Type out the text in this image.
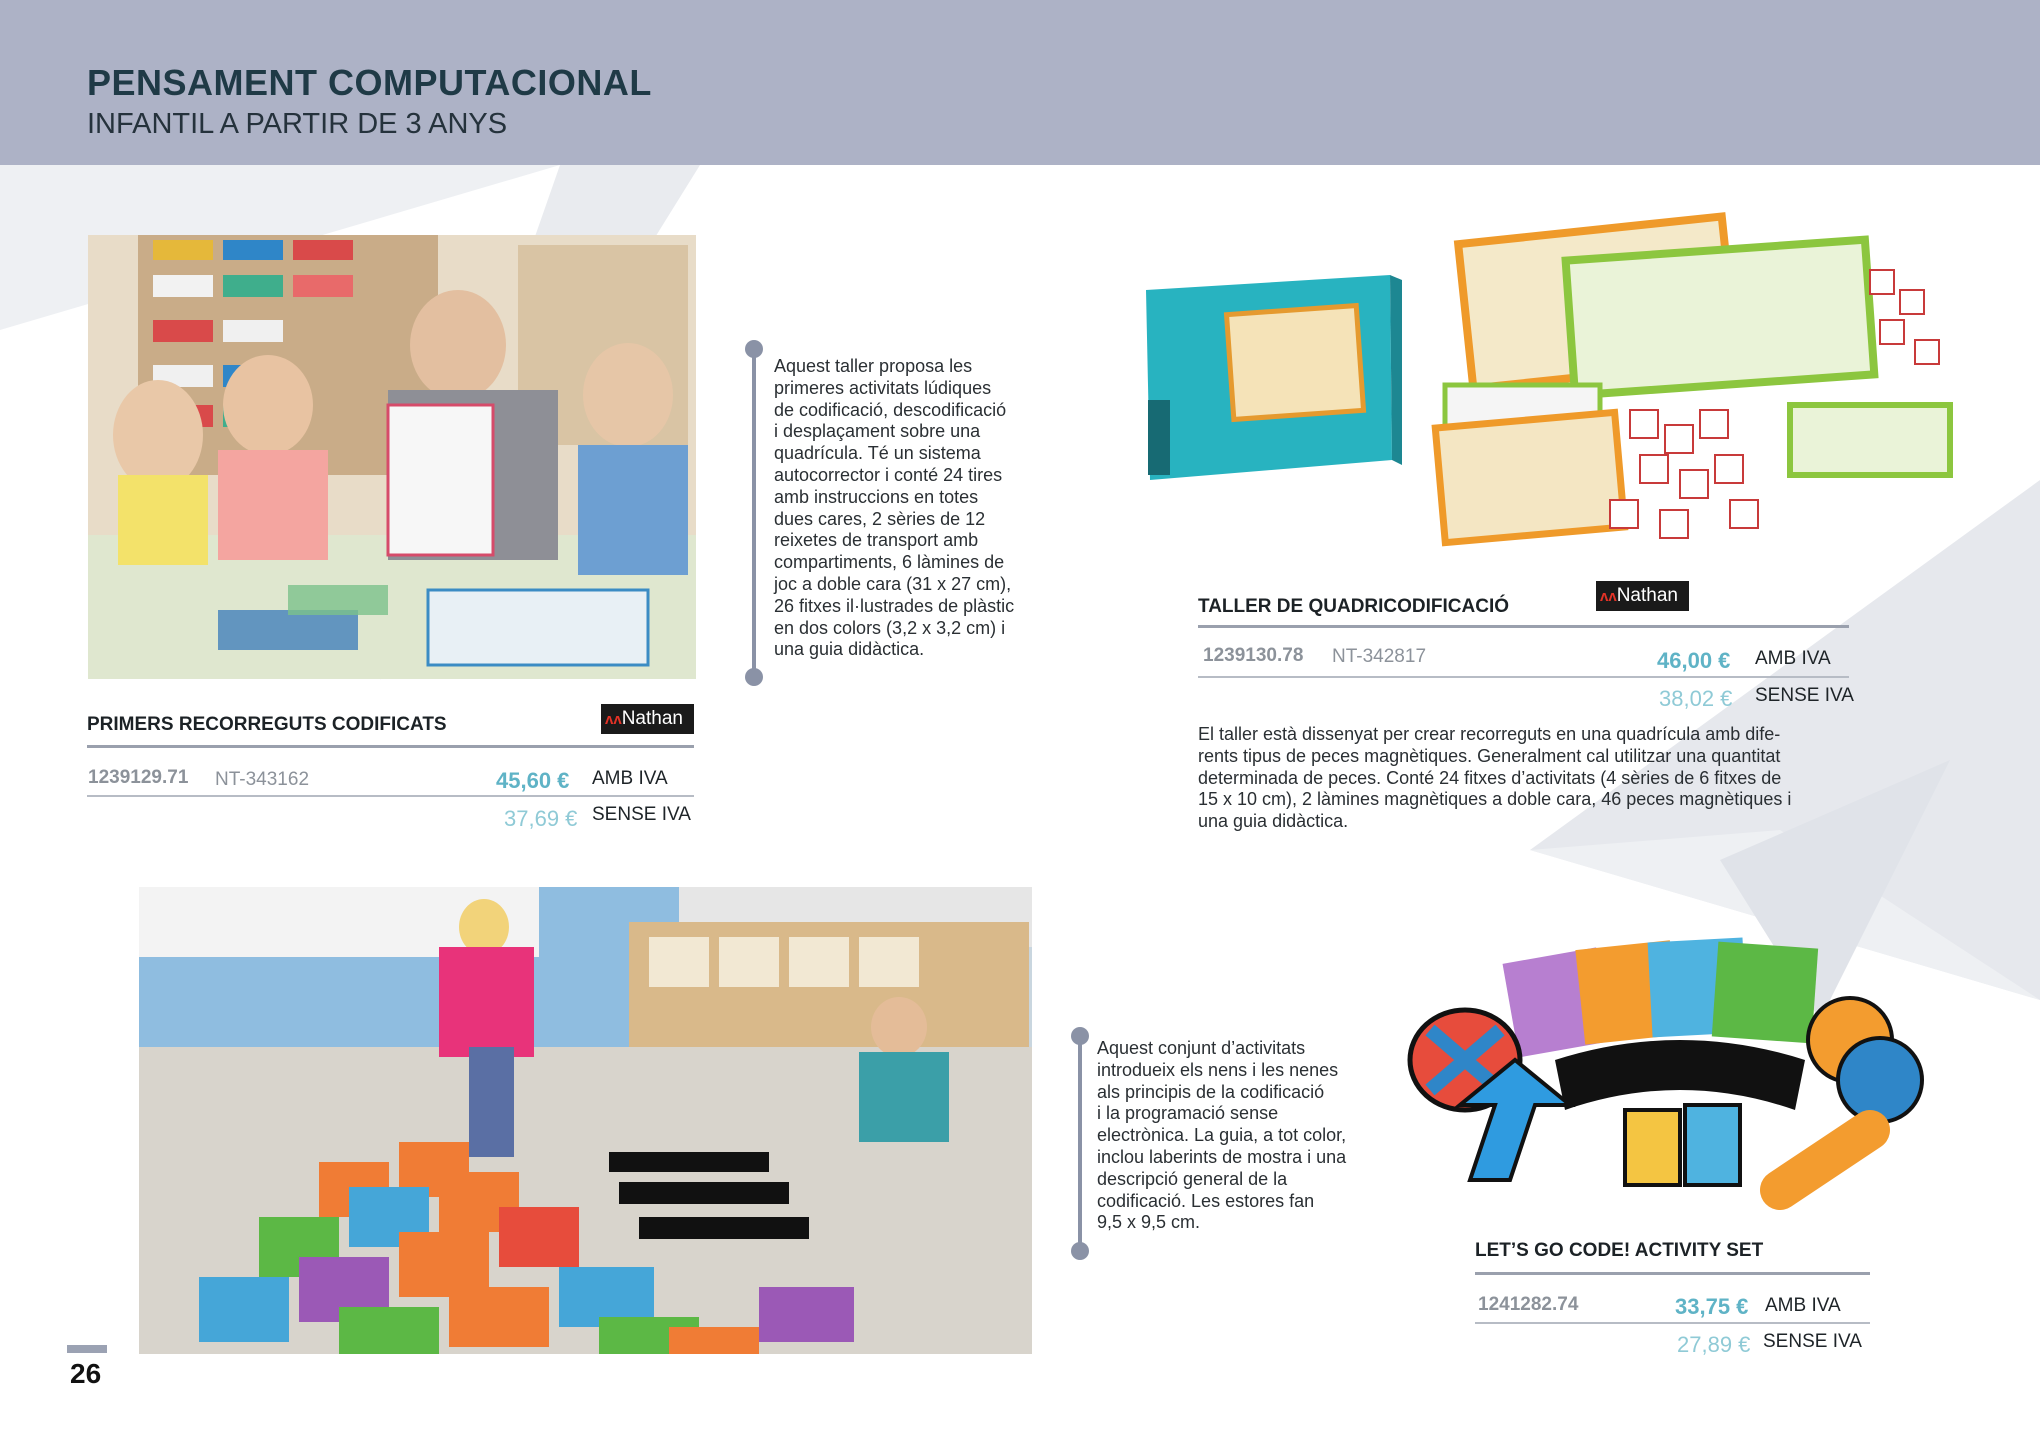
PENSAMENT COMPUTACIONAL
INFANTIL A PARTIR DE 3 ANYS
PRIMERS RECORREGUTS CODIFICATS	ʌʌNathan
1239129.71 NT-343162	45,60 € AMB IVA
37,69 € SENSE IVA
Aquest taller proposa les
primeres activitats lúdiques
de codificació, descodificació
i desplaçament sobre una
quadrícula. Té un sistema
autocorrector i conté 24 tires
amb instruccions en totes
dues cares, 2 sèries de 12
reixetes de transport amb
compartiments, 6 làmines de
joc a doble cara (31 x 27 cm),
26 fitxes il·lustrades de plàstic
en dos colors (3,2 x 3,2 cm) i
una guia didàctica.
TALLER DE QUADRICODIFICACIÓ	ʌʌNathan
1239130.78 NT-342817	46,00 € AMB IVA
38,02 € SENSE IVA
El taller està dissenyat per crear recorreguts en una quadrícula amb dife-
rents tipus de peces magnètiques. Generalment cal utilitzar una quantitat
determinada de peces. Conté 24 fitxes d’activitats (4 sèries de 6 fitxes de
15 x 10 cm), 2 làmines magnètiques a doble cara, 46 peces magnètiques i
una guia didàctica.
Aquest conjunt d’activitats
introdueix els nens i les nenes
als principis de la codificació
i la programació sense
electrònica. La guia, a tot color,
inclou laberints de mostra i una
descripció general de la
codificació. Les estores fan
9,5 x 9,5 cm.
LET’S GO CODE! ACTIVITY SET
1241282.74	33,75 € AMB IVA
27,89 € SENSE IVA
26
